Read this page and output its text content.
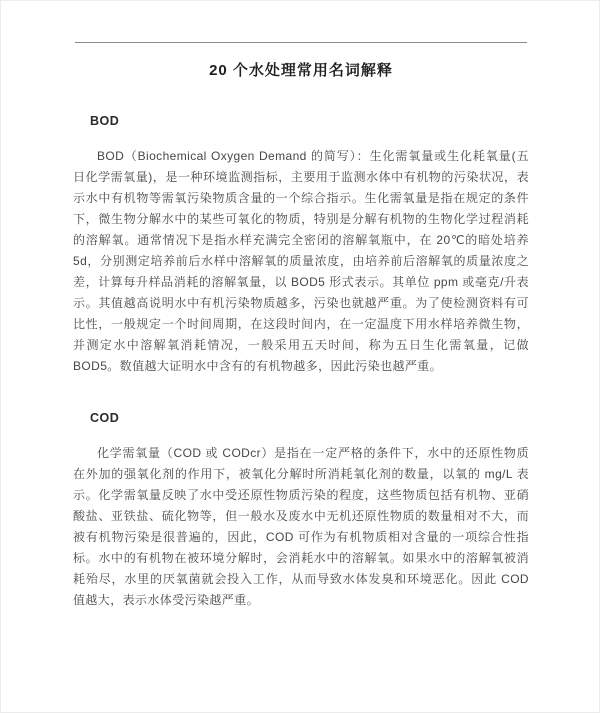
20 个水处理常用名词解释
BOD

BOD（Biochemical Oxygen Demand 的简写）：生化需氧量或生化耗氧量(五日化学需氧量)，是一种环境监测指标，主要用于监测水体中有机物的污染状况，表示水中有机物等需氧污染物质含量的一个综合指示。生化需氧量是指在规定的条件下，微生物分解水中的某些可氧化的物质，特别是分解有机物的生物化学过程消耗的溶解氧。通常情况下是指水样充满完全密闭的溶解氧瓶中，在 20℃的暗处培养 5d，分别测定培养前后水样中溶解氧的质量浓度，由培养前后溶解氧的质量浓度之差，计算每升样品消耗的溶解氧量，以 BOD5 形式表示。其单位 ppm 或毫克/升表示。其值越高说明水中有机污染物质越多，污染也就越严重。为了使检测资料有可比性，一般规定一个时间周期，在这段时间内，在一定温度下用水样培养微生物，并测定水中溶解氧消耗情况，一般采用五天时间，称为五日生化需氧量，记做 BOD5。数值越大证明水中含有的有机物越多，因此污染也越严重。

COD

化学需氧量（COD 或 CODcr）是指在一定严格的条件下，水中的还原性物质在外加的强氧化剂的作用下，被氧化分解时所消耗氧化剂的数量，以氧的 mg/L 表示。化学需氧量反映了水中受还原性物质污染的程度，这些物质包括有机物、亚硝酸盐、亚铁盐、硫化物等，但一般水及废水中无机还原性物质的数量相对不大，而被有机物污染是很普遍的，因此，COD 可作为有机物质相对含量的一项综合性指标。水中的有机物在被环境分解时，会消耗水中的溶解氧。如果水中的溶解氧被消耗殆尽，水里的厌氧菌就会投入工作，从而导致水体发臭和环境恶化。因此 COD 值越大，表示水体受污染越严重。
